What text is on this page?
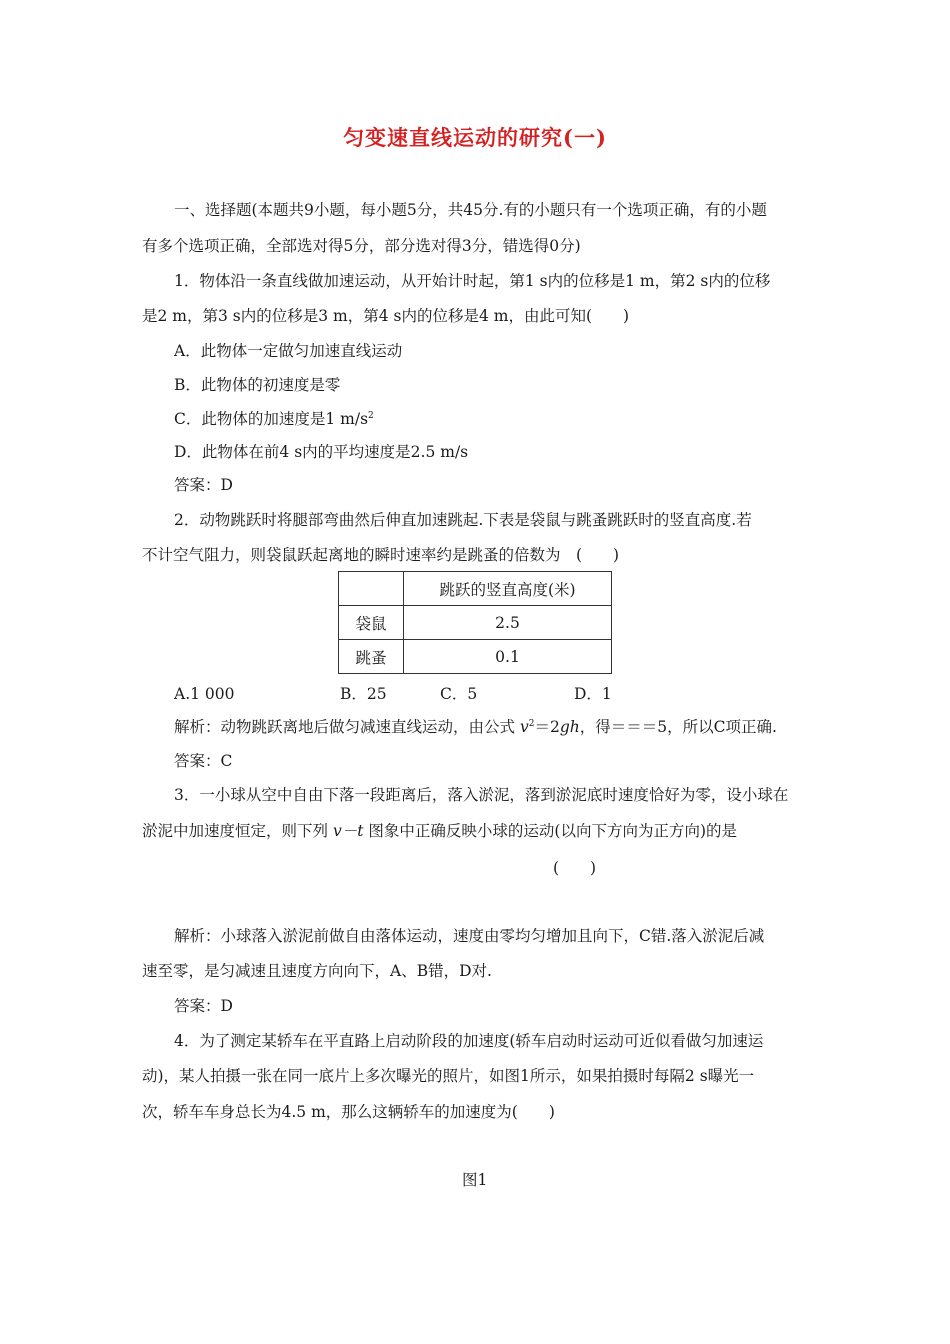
匀变速直线运动的研究(一)
一、选择题(本题共9小题，每小题5分，共45分.有的小题只有一个选项正确，有的小题
有多个选项正确，全部选对得5分，部分选对得3分，错选得0分)
1．物体沿一条直线做加速运动，从开始计时起，第1 s内的位移是1 m，第2 s内的位移
是2 m，第3 s内的位移是3 m，第4 s内的位移是4 m，由此可知(　　)
A．此物体一定做匀加速直线运动
B．此物体的初速度是零
C．此物体的加速度是1 $m/s^2$
D．此物体在前4 s内的平均速度是2.5 m/s
答案：D
2．动物跳跃时将腿部弯曲然后伸直加速跳起.下表是袋鼠与跳蚤跳跃时的竖直高度.若
不计空气阻力，则袋鼠跃起离地的瞬时速率约是跳蚤的倍数为　(　　)
	跳跃的竖直高度(米)
袋鼠	2.5
跳蚤	0.1
A.1 000	B．25	C．5	D．1
解析：动物跳跃离地后做匀减速直线运动，由公式 $v^2=2gh$，得＝＝＝5，所以C项正确.
答案：C
3．一小球从空中自由下落一段距离后，落入淤泥，落到淤泥底时速度恰好为零，设小球在
淤泥中加速度恒定，则下列 v－t 图象中正确反映小球的运动(以向下方向为正方向)的是
(　　)
解析：小球落入淤泥前做自由落体运动，速度由零均匀增加且向下，C错.落入淤泥后减
速至零，是匀减速且速度方向向下，A、B错，D对.
答案：D
4．为了测定某轿车在平直路上启动阶段的加速度(轿车启动时运动可近似看做匀加速运
动)，某人拍摄一张在同一底片上多次曝光的照片，如图1所示，如果拍摄时每隔2 s曝光一
次，轿车车身总长为4.5 m，那么这辆轿车的加速度为(　　)
图1
